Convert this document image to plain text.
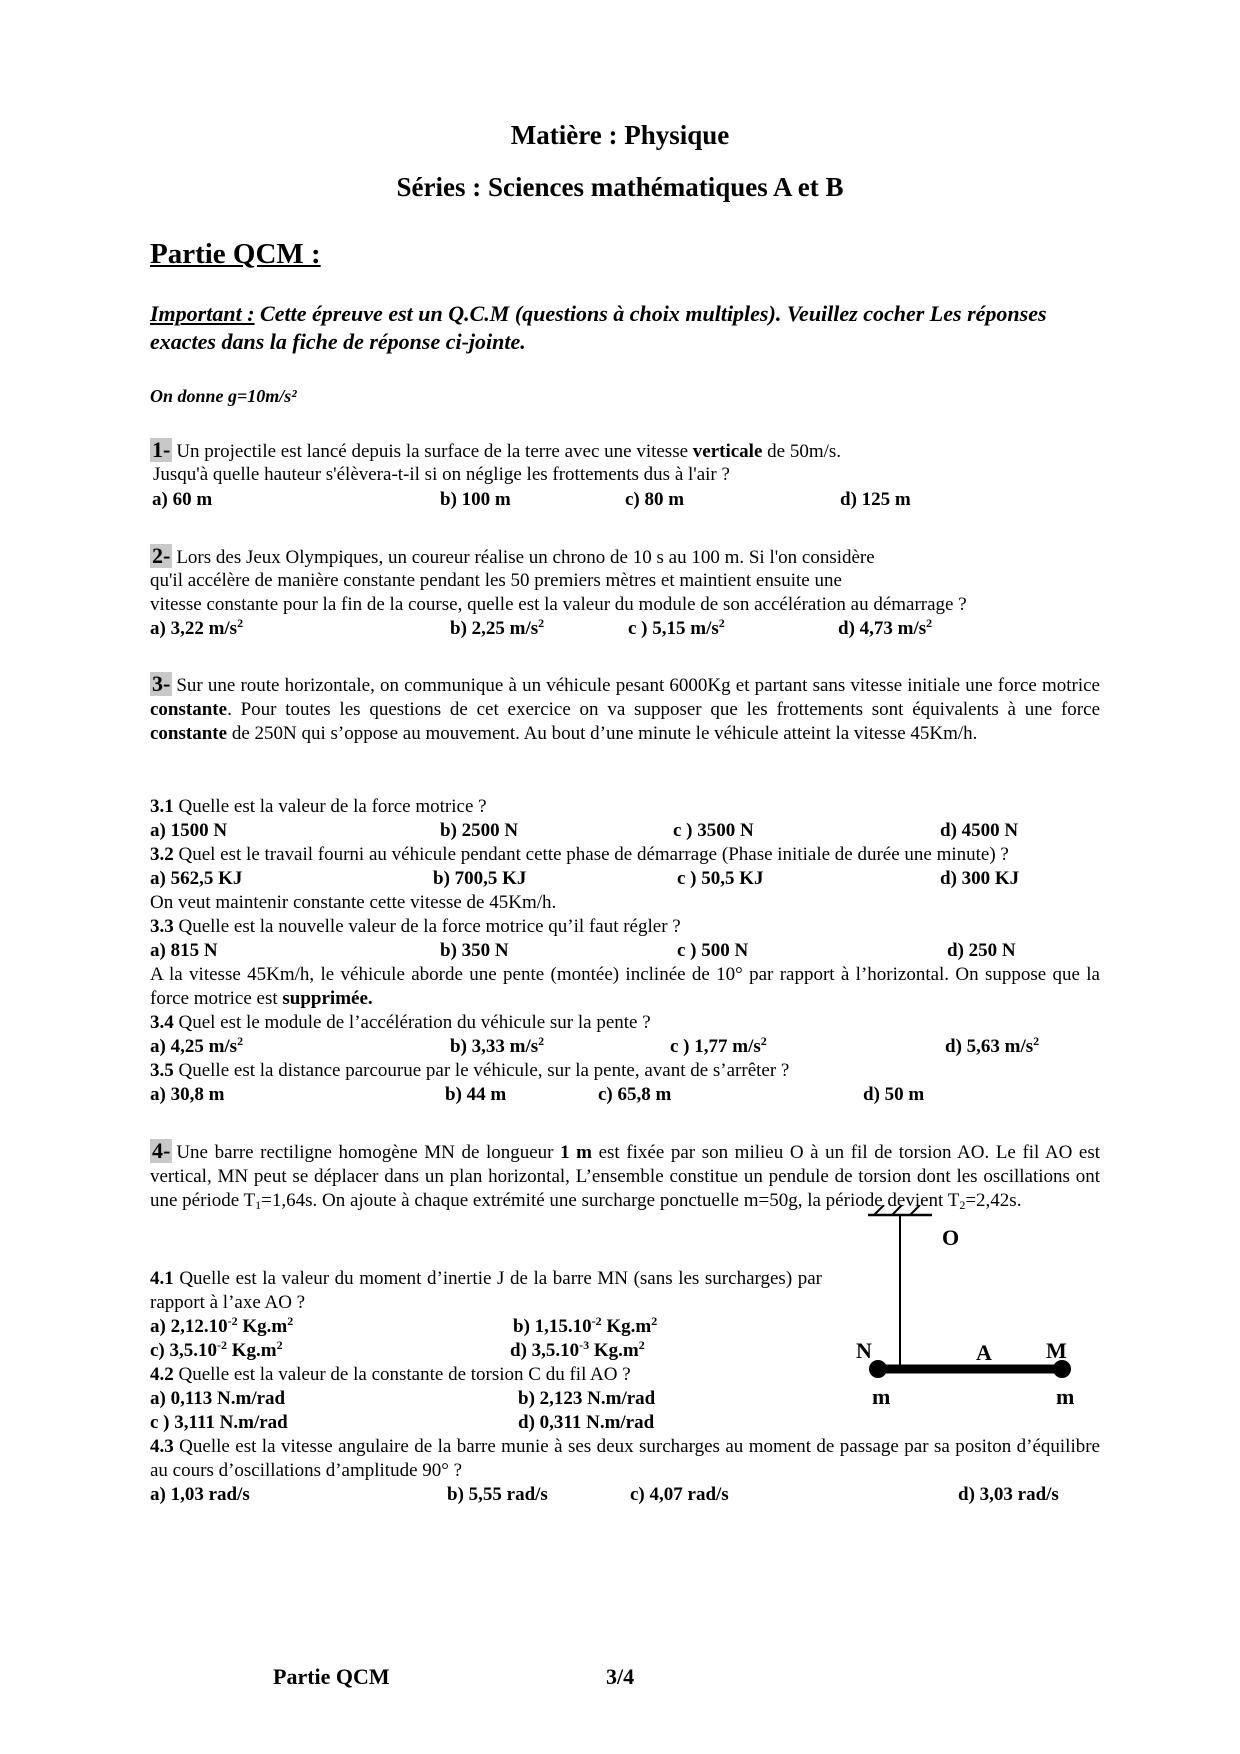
Matière : Physique
Séries : Sciences mathématiques A et B
Partie QCM :
Important : Cette épreuve est un Q.C.M (questions à choix multiples). Veuillez cocher Les réponses exactes dans la fiche de réponse ci-jointe.
On donne g=10m/s²
1- Un projectile est lancé depuis la surface de la terre avec une vitesse verticale de 50m/s.
Jusqu'à quelle hauteur s'élèvera-t-il si on néglige les frottements dus à l'air ?
a) 60 m	b) 100 m	c) 80 m	d) 125 m
2- Lors des Jeux Olympiques, un coureur réalise un chrono de 10 s au 100 m. Si l'on considère
qu'il accélère de manière constante pendant les 50 premiers mètres et maintient ensuite une
vitesse constante pour la fin de la course, quelle est la valeur du module de son accélération au démarrage ?
a) 3,22 $m/s^2$	b) 2,25 $m/s^2$	c ) 5,15 $m/s^2$	d) 4,73 $m/s^2$
3- Sur une route horizontale, on communique à un véhicule pesant 6000Kg et partant sans vitesse initiale une force motrice constante. Pour toutes les questions de cet exercice on va supposer que les frottements sont équivalents à une force constante de 250N qui s’oppose au mouvement. Au bout d’une minute le véhicule atteint la vitesse 45Km/h.
3.1 Quelle est la valeur de la force motrice ?
a) 1500 N	b) 2500 N	c ) 3500 N	d) 4500 N
3.2 Quel est le travail fourni au véhicule pendant cette phase de démarrage (Phase initiale de durée une minute) ?
a) 562,5 KJ	b) 700,5 KJ	c ) 50,5 KJ	d) 300 KJ
On veut maintenir constante cette vitesse de 45Km/h.
3.3 Quelle est la nouvelle valeur de la force motrice qu’il faut régler ?
a) 815 N	b) 350 N	c ) 500 N	d) 250 N
A la vitesse 45Km/h, le véhicule aborde une pente (montée) inclinée de 10° par rapport à l’horizontal. On suppose que la force motrice est supprimée.
3.4 Quel est le module de l’accélération du véhicule sur la pente ?
a) 4,25 $m/s^2$	b) 3,33 $m/s^2$	c ) 1,77 $m/s^2$	d) 5,63 $m/s^2$
3.5 Quelle est la distance parcourue par le véhicule, sur la pente, avant de s’arrêter ?
a) 30,8 m	b) 44 m	c) 65,8 m	d) 50 m
4- Une barre rectiligne homogène MN de longueur 1 m est fixée par son milieu O à un fil de torsion AO. Le fil AO est vertical, MN peut se déplacer dans un plan horizontal, L’ensemble constitue un pendule de torsion dont les oscillations ont une période $T_1=1,64s$. On ajoute à chaque extrémité une surcharge ponctuelle m=50g, la période devient $T_2=2,42s$.
4.1 Quelle est la valeur du moment d’inertie J de la barre MN (sans les surcharges) par rapport à l’axe AO ?
a) $2,12.10^{-2}$ $Kg.m^2$	b) $1,15.10^{-2}$ $Kg.m^2$
c) $3,5.10^{-2}$ $Kg.m^2$	d) $3,5.10^{-3}$ $Kg.m^2$
4.2 Quelle est la valeur de la constante de torsion C du fil AO ?
a) 0,113 N.m/rad	b) 2,123 N.m/rad
c ) 3,111 N.m/rad	d) 0,311 N.m/rad
4.3 Quelle est la vitesse angulaire de la barre munie à ses deux surcharges au moment de passage par sa positon d’équilibre au cours d’oscillations d’amplitude 90° ?
a) 1,03 rad/s	b) 5,55 rad/s	c) 4,07 rad/s	d) 3,03 rad/s
O
N	A M
m	m
Partie QCM	3/4
